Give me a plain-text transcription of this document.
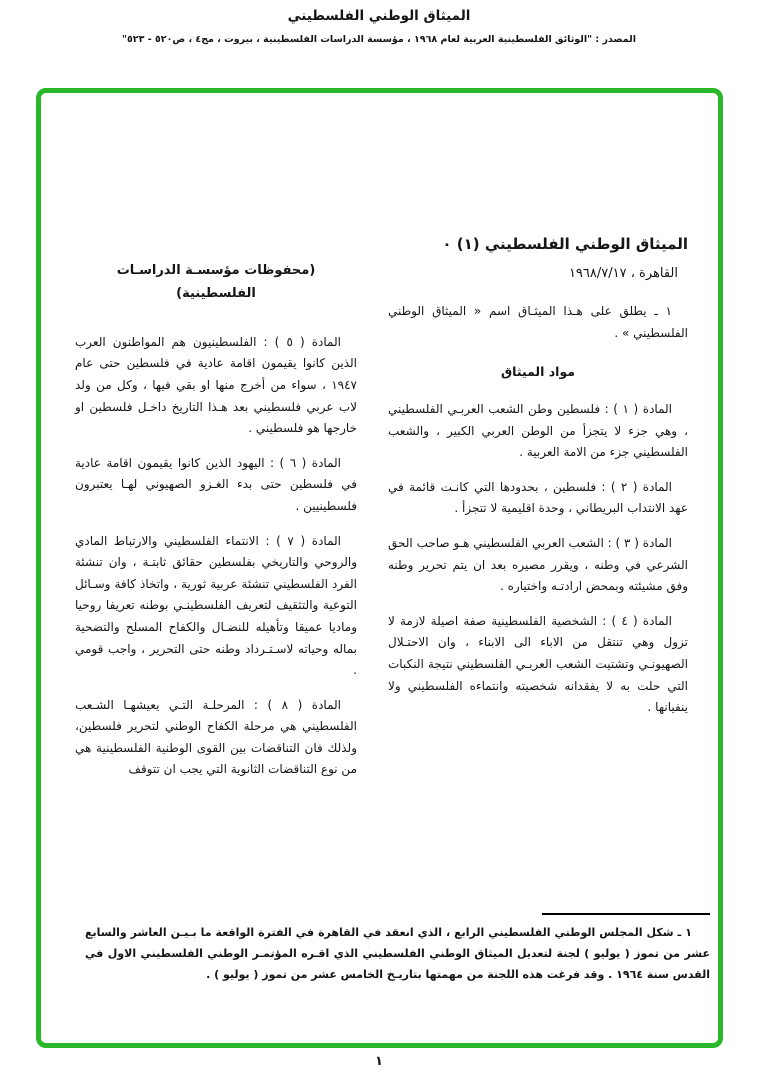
الميثاق الوطني الفلسطيني
المصدر : "الوثائق الفلسطينية العربية لعام ١٩٦٨ ، مؤسسة الدراسات الفلسطينية ، بيروت ، مج٤ ، ص٥٢٠ - ٥٢٣"
الميثاق الوطني الفلسطيني (١) ٠
القاهرة ، ١٩٦٨/٧/١٧

١ ـ يطلق على هـذا الميثـاق اسم « الميثاق الوطني الفلسطيني » .

مواد الميثاق

المادة ( ١ ) : فلسطين وطن الشعب العربـي الفلسطيني ، وهي جزء لا يتجزأ من الوطن العربي الكبير ، والشعب الفلسطيني جزء من الامة العربية .

المادة ( ٢ ) : فلسطين ، بحدودها التي كانـت قائمة في عهد الانتداب البريطاني ، وحدة اقليمية لا تتجزأ .

المادة ( ٣ ) : الشعب العربي الفلسطيني هـو صاحب الحق الشرعي في وطنه ، ويقرر مصيره بعد ان يتم تحرير وطنه وفق مشيئته وبمحض ارادتـه واختياره .

المادة ( ٤ ) : الشخصية الفلسطينية صفة اصيلة لازمة لا تزول وهي تنتقل من الاباء الى الابناء ، وان الاحتـلال الصهيونـي وتشتيت الشعب العربـي الفلسطيني نتيجة النكبات التي حلت به لا يفقدانه شخصيته وانتماءه الفلسطيني ولا ينفيانها .

(محفوظات مؤسسـة الدراسـات الفلسطينية)

المادة ( ٥ ) : الفلسطينيون هم المواطنون العرب الذين كانوا يقيمون اقامة عادية في فلسطين حتى عام ١٩٤٧ ، سواء من أخرج منها او بقي فيها ، وكل من ولد لاب عربي فلسطيني بعد هـذا التاريخ داخـل فلسطين او خارجها هو فلسطيني .

المادة ( ٦ ) : اليهود الذين كانوا يقيمون اقامة عادية في فلسطين حتى بدء الغـزو الصهيوني لهـا يعتبرون فلسطينيين .

المادة ( ٧ ) : الانتماء الفلسطيني والارتباط المادي والروحي والتاريخي بفلسطين حقائق ثابتـة ، وان تنشئة الفرد الفلسطيني تنشئة عربية ثورية ، واتخاذ كافة وسـائل التوعية والتثقيف لتعريف الفلسطينـي بوطنه تعريفا روحيا وماديا عميقا وتأهيله للنضـال والكفاح المسلح والتضحية بماله وحياته لاسـتـرداد وطنه حتى التحرير ، واجب قومي .

المادة ( ٨ ) : المرحلـة التـي يعيشهـا الشـعب الفلسطيني هي مرحلة الكفاح الوطني لتحرير فلسطين، ولذلك فان التناقضات بين القوى الوطنية الفلسطينية هي من نوع التناقضات الثانوية التي يجب ان تتوقف

١ ـ شكل المجلس الوطني الفلسطيني الرابع ، الذي انعقد في القاهرة في الفترة الواقعة ما بـيـن العاشر والسابع عشر من تموز ( يوليو ) لجنة لتعديل الميثاق الوطني الفلسطيني الذي اقـره المؤتمـر الوطني الفلسطيني الاول في القدس سنة ١٩٦٤ . وقد فرغت هذه اللجنة من مهمتها بتاريـخ الخامس عشر من تموز ( يوليو ) .

١
